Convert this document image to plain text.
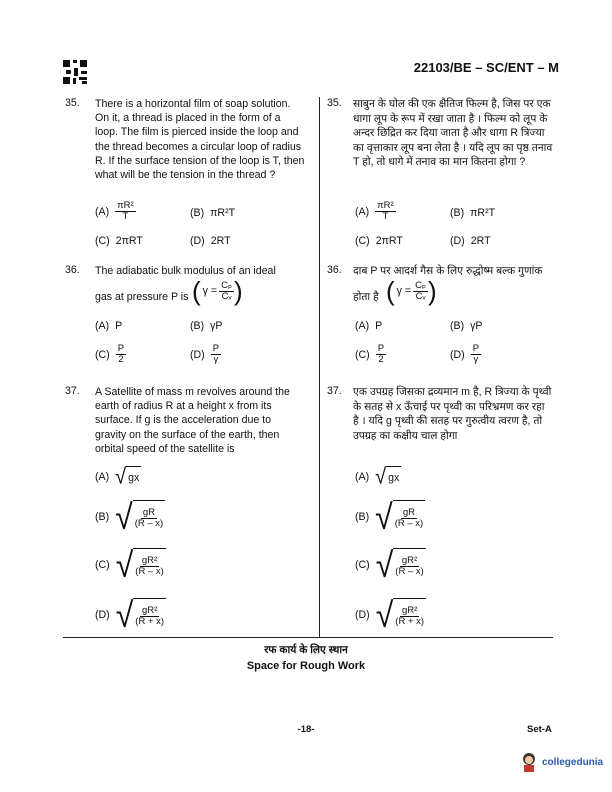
22103/BE – SC/ENT – M
35. There is a horizontal film of soap solution. On it, a thread is placed in the form of a loop. The film is pierced inside the loop and the thread becomes a circular loop of radius R. If the surface tension of the loop is T, then what will be the tension in the thread ?
$(A) \frac{\text{πR²}}{T}$	(B) πR²T
(C) 2πRT	(D) 2RT
36. The adiabatic bulk modulus of an ideal
gas at pressure P is ( $\gamma = \frac{\text{Cₚ}}{\text{Cᵥ}}$ )
(A) P	(B) γP
$(C) \frac{P}{2}$	$(D) \frac{P}{\gamma}$
37. A Satellite of mass m revolves around the earth of radius R at a height x from its surface. If g is the acceleration due to gravity on the surface of the earth, then orbital speed of the satellite is
(A) √ gx
(B) √ $\frac{gR}{(R - x)}$
(C) √ $\frac{\text{gR²}}{(R - x)}$
(D) √ $\frac{\text{gR²}}{(R + x)}$
35. साबुन के घोल की एक क्षैतिज फिल्म है, जिस पर एक धागा लूप के रूप में रखा जाता है । फिल्म को लूप के अन्दर छिद्रित कर दिया जाता है और धागा R त्रिज्या का वृत्ताकार लूप बना लेता है । यदि लूप का पृष्ठ तनाव T हो, तो धागे में तनाव का मान कितना होगा ?
$(A) \frac{\text{πR²}}{T}$	(B) πR²T
(C) 2πRT	(D) 2RT
36. दाब P पर आदर्श गैस के लिए रुद्धोष्म बल्क गुणांक
होता है ( $\gamma = \frac{\text{Cₚ}}{\text{Cᵥ}}$ )
(A) P	(B) γP
$(C) \frac{P}{2}$	$(D) \frac{P}{\gamma}$
37. एक उपग्रह जिसका द्रव्यमान m है, R त्रिज्या के पृथ्वी के सतह से x ऊँचाई पर पृथ्वी का परिभ्रमण कर रहा है । यदि g पृथ्वी की सतह पर गुरुत्वीय त्वरण है, तो उपग्रह का कक्षीय चाल होगा
(A) √ gx
(B) √ $\frac{gR}{(R - x)}$
(C) √ $\frac{\text{gR²}}{(R - x)}$
(D) √ $\frac{\text{gR²}}{(R + x)}$
रफ कार्य के लिए स्थान
Space for Rough Work
-18-	Set-A
collegedunia
